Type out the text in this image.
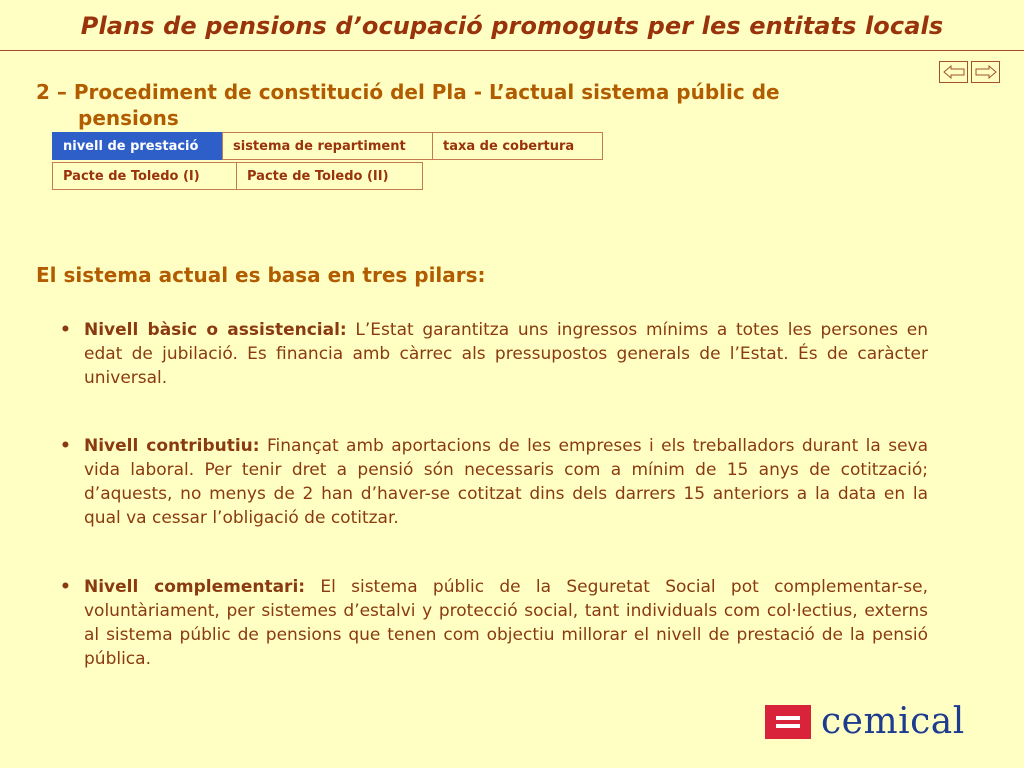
Plans de pensions d’ocupació promoguts per les entitats locals
2 – Procediment de constitució del Pla - L’actual sistema públic de
pensions
nivell de prestació	sistema de repartiment	taxa de cobertura
Pacte de Toledo (I)	Pacte de Toledo (II)
El sistema actual es basa en tres pilars:
• Nivell bàsic o assistencial: L’Estat garantitza uns ingressos mínims a totes les persones en edat de jubilació. Es financia amb càrrec als pressupostos generals de l’Estat. És de caràcter universal.
• Nivell contributiu: Finançat amb aportacions de les empreses i els treballadors durant la seva vida laboral. Per tenir dret a pensió són necessaris com a mínim de 15 anys de cotització; d’aquests, no menys de 2 han d’haver-se cotitzat dins dels darrers 15 anteriors a la data en la qual va cessar l’obligació de cotitzar.
• Nivell complementari: El sistema públic de la Seguretat Social pot complementar-se, voluntàriament, per sistemes d’estalvi y protecció social, tant individuals com col·lectius, externs al sistema públic de pensions que tenen com objectiu millorar el nivell de prestació de la pensió pública.
cemical
